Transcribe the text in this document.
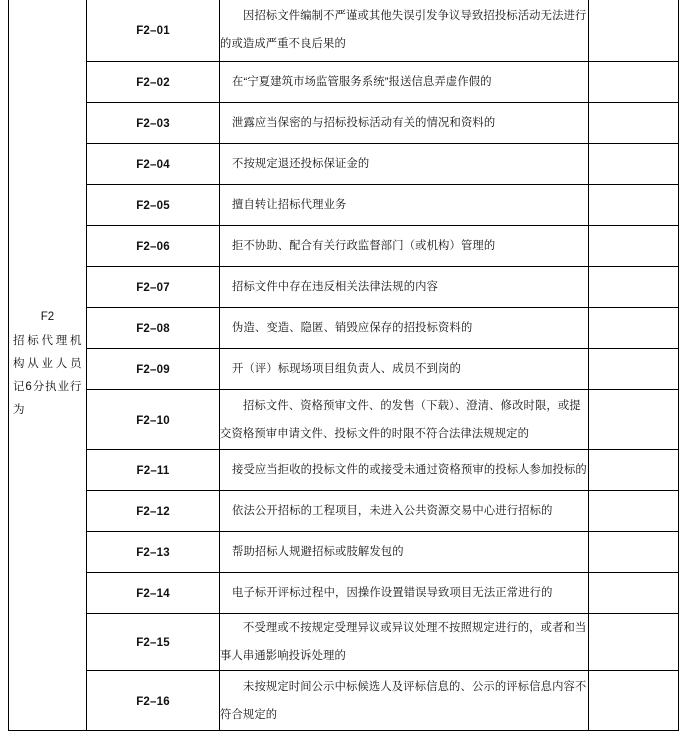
F2
招标代理机构从业人员记6分执业行为	F2–01	因招标文件编制不严谨或其他失误引发争议导致招投标活动无法进行的或造成严重不良后果的	

	F2–02	在“宁夏建筑市场监管服务系统”报送信息弄虚作假的	

	F2–03	泄露应当保密的与招标投标活动有关的情况和资料的	

	F2–04	不按规定退还投标保证金的	

	F2–05	擅自转让招标代理业务	

	F2–06	拒不协助、配合有关行政监督部门（或机构）管理的	

	F2–07	招标文件中存在违反相关法律法规的内容	

	F2–08	伪造、变造、隐匿、销毁应保存的招投标资料的	

	F2–09	开（评）标现场项目组负责人、成员不到岗的	

	F2–10	招标文件、资格预审文件、的发售（下载）、澄清、修改时限，或提交资格预审申请文件、投标文件的时限不符合法律法规规定的	

	F2–11	接受应当拒收的投标文件的或接受未通过资格预审的投标人参加投标的	

	F2–12	依法公开招标的工程项目，未进入公共资源交易中心进行招标的	

	F2–13	帮助招标人规避招标或肢解发包的	

	F2–14	电子标开评标过程中，因操作设置错误导致项目无法正常进行的	

	F2–15	不受理或不按规定受理异议或异议处理不按照规定进行的，或者和当事人串通影响投诉处理的	

	F2–16	未按规定时间公示中标候选人及评标信息的、公示的评标信息内容不符合规定的	
